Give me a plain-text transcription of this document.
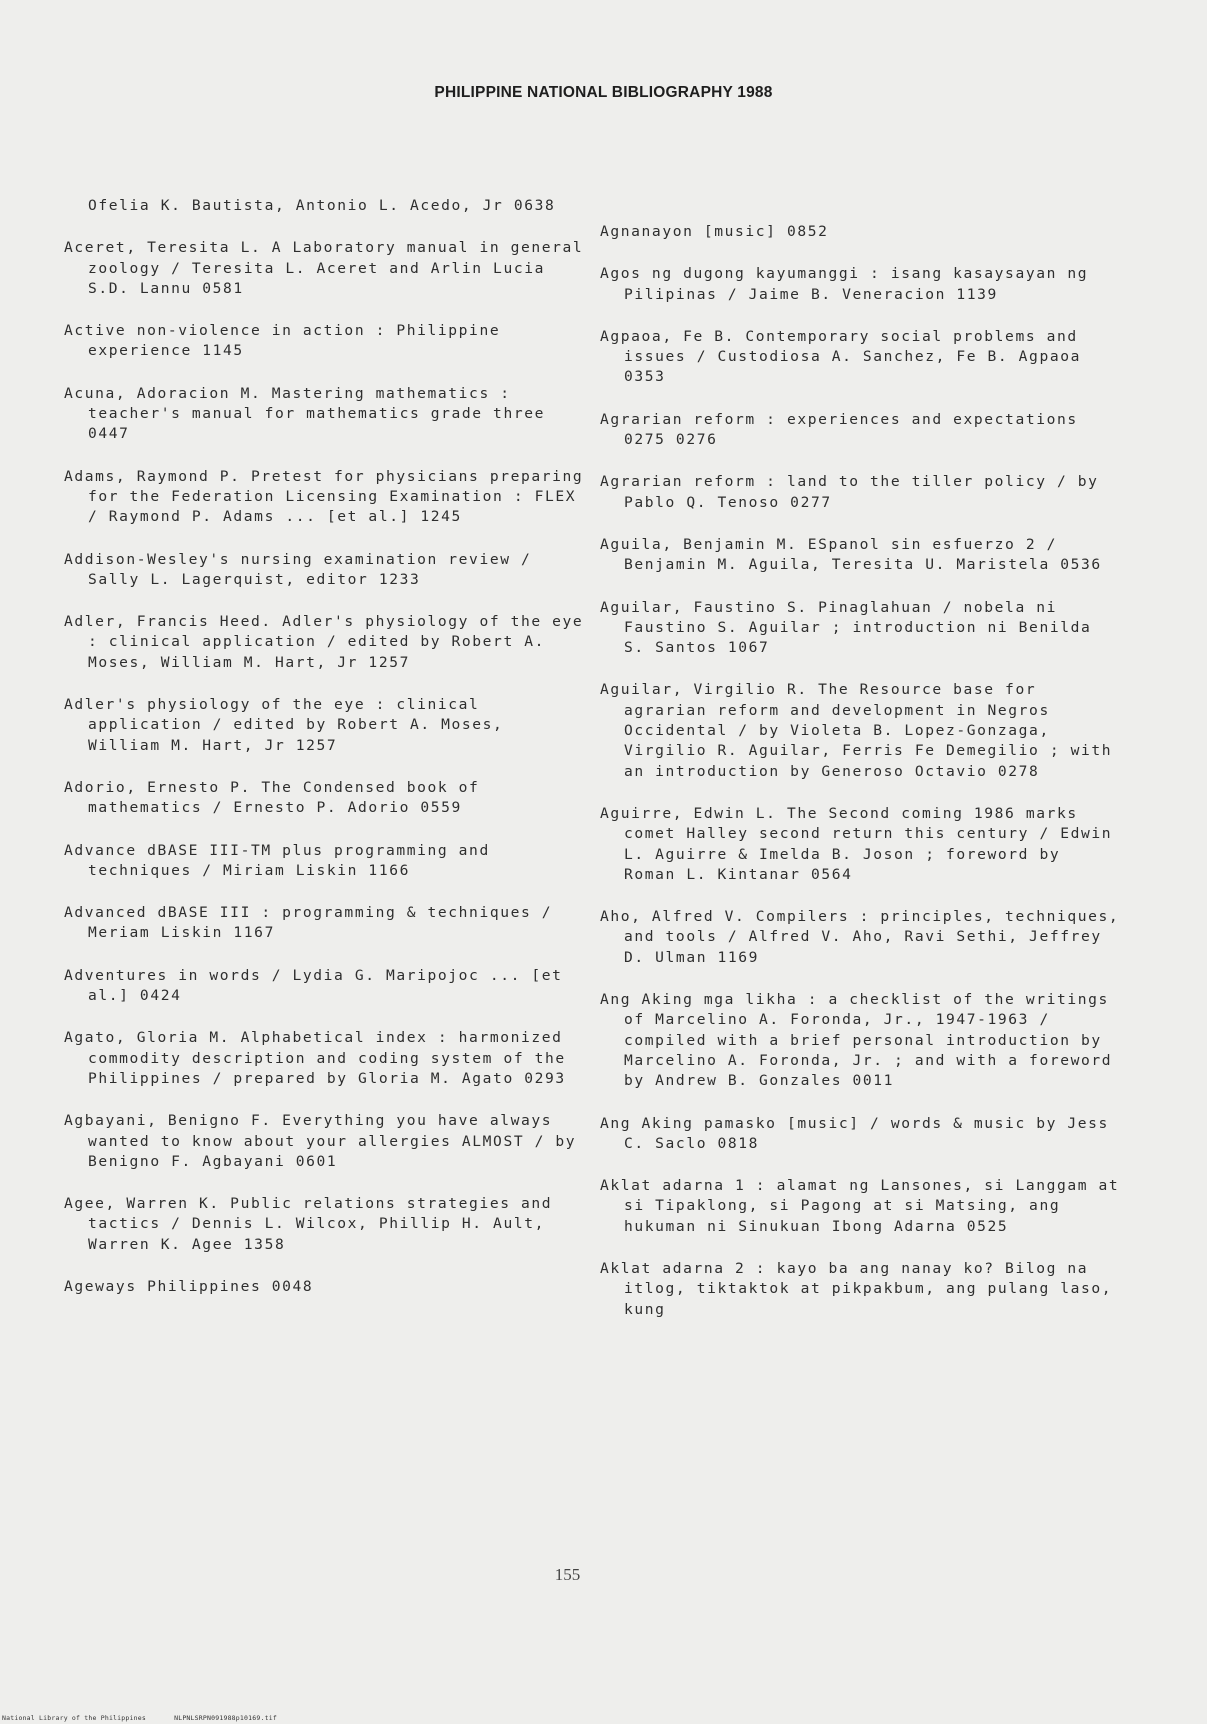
PHILIPPINE NATIONAL BIBLIOGRAPHY 1988

Ofelia K. Bautista, Antonio L. Acedo, Jr 0638

Aceret, Teresita L. A Laboratory manual in general zoology / Teresita L. Aceret and Arlin Lucia S.D. Lannu 0581

Active non-violence in action : Philippine experience 1145

Acuna, Adoracion M. Mastering mathematics : teacher's manual for mathematics grade three 0447

Adams, Raymond P. Pretest for physicians preparing for the Federation Licensing Examination : FLEX / Raymond P. Adams ... [et al.] 1245

Addison-Wesley's nursing examination review / Sally L. Lagerquist, editor 1233

Adler, Francis Heed. Adler's physiology of the eye : clinical application / edited by Robert A. Moses, William M. Hart, Jr 1257

Adler's physiology of the eye : clinical application / edited by Robert A. Moses, William M. Hart, Jr 1257

Adorio, Ernesto P. The Condensed book of mathematics / Ernesto P. Adorio 0559

Advance dBASE III-TM plus programming and techniques / Miriam Liskin 1166

Advanced dBASE III : programming & techniques / Meriam Liskin 1167

Adventures in words / Lydia G. Maripojoc ... [et al.] 0424

Agato, Gloria M. Alphabetical index : harmonized commodity description and coding system of the Philippines / prepared by Gloria M. Agato 0293

Agbayani, Benigno F. Everything you have always wanted to know about your allergies ALMOST / by Benigno F. Agbayani 0601

Agee, Warren K. Public relations strategies and tactics / Dennis L. Wilcox, Phillip H. Ault, Warren K. Agee 1358

Ageways Philippines 0048

Agnanayon [music] 0852

Agos ng dugong kayumanggi : isang kasaysayan ng Pilipinas / Jaime B. Veneracion 1139

Agpaoa, Fe B. Contemporary social problems and issues / Custodiosa A. Sanchez, Fe B. Agpaoa 0353

Agrarian reform : experiences and expectations 0275 0276

Agrarian reform : land to the tiller policy / by Pablo Q. Tenoso 0277

Aguila, Benjamin M. ESpanol sin esfuerzo 2 / Benjamin M. Aguila, Teresita U. Maristela 0536

Aguilar, Faustino S. Pinaglahuan / nobela ni Faustino S. Aguilar ; introduction ni Benilda S. Santos 1067

Aguilar, Virgilio R. The Resource base for agrarian reform and development in Negros Occidental / by Violeta B. Lopez-Gonzaga, Virgilio R. Aguilar, Ferris Fe Demegilio ; with an introduction by Generoso Octavio 0278

Aguirre, Edwin L. The Second coming 1986 marks comet Halley second return this century / Edwin L. Aguirre & Imelda B. Joson ; foreword by Roman L. Kintanar 0564

Aho, Alfred V. Compilers : principles, techniques, and tools / Alfred V. Aho, Ravi Sethi, Jeffrey D. Ulman 1169

Ang Aking mga likha : a checklist of the writings of Marcelino A. Foronda, Jr., 1947-1963 / compiled with a brief personal introduction by Marcelino A. Foronda, Jr. ; and with a foreword by Andrew B. Gonzales 0011

Ang Aking pamasko [music] / words & music by Jess C. Saclo 0818

Aklat adarna 1 : alamat ng Lansones, si Langgam at si Tipaklong, si Pagong at si Matsing, ang hukuman ni Sinukuan Ibong Adarna 0525

Aklat adarna 2 : kayo ba ang nanay ko? Bilog na itlog, tiktaktok at pikpakbum, ang pulang laso, kung

155
National Library of the Philippines	NLPNLSRPN091988p10169.tif
